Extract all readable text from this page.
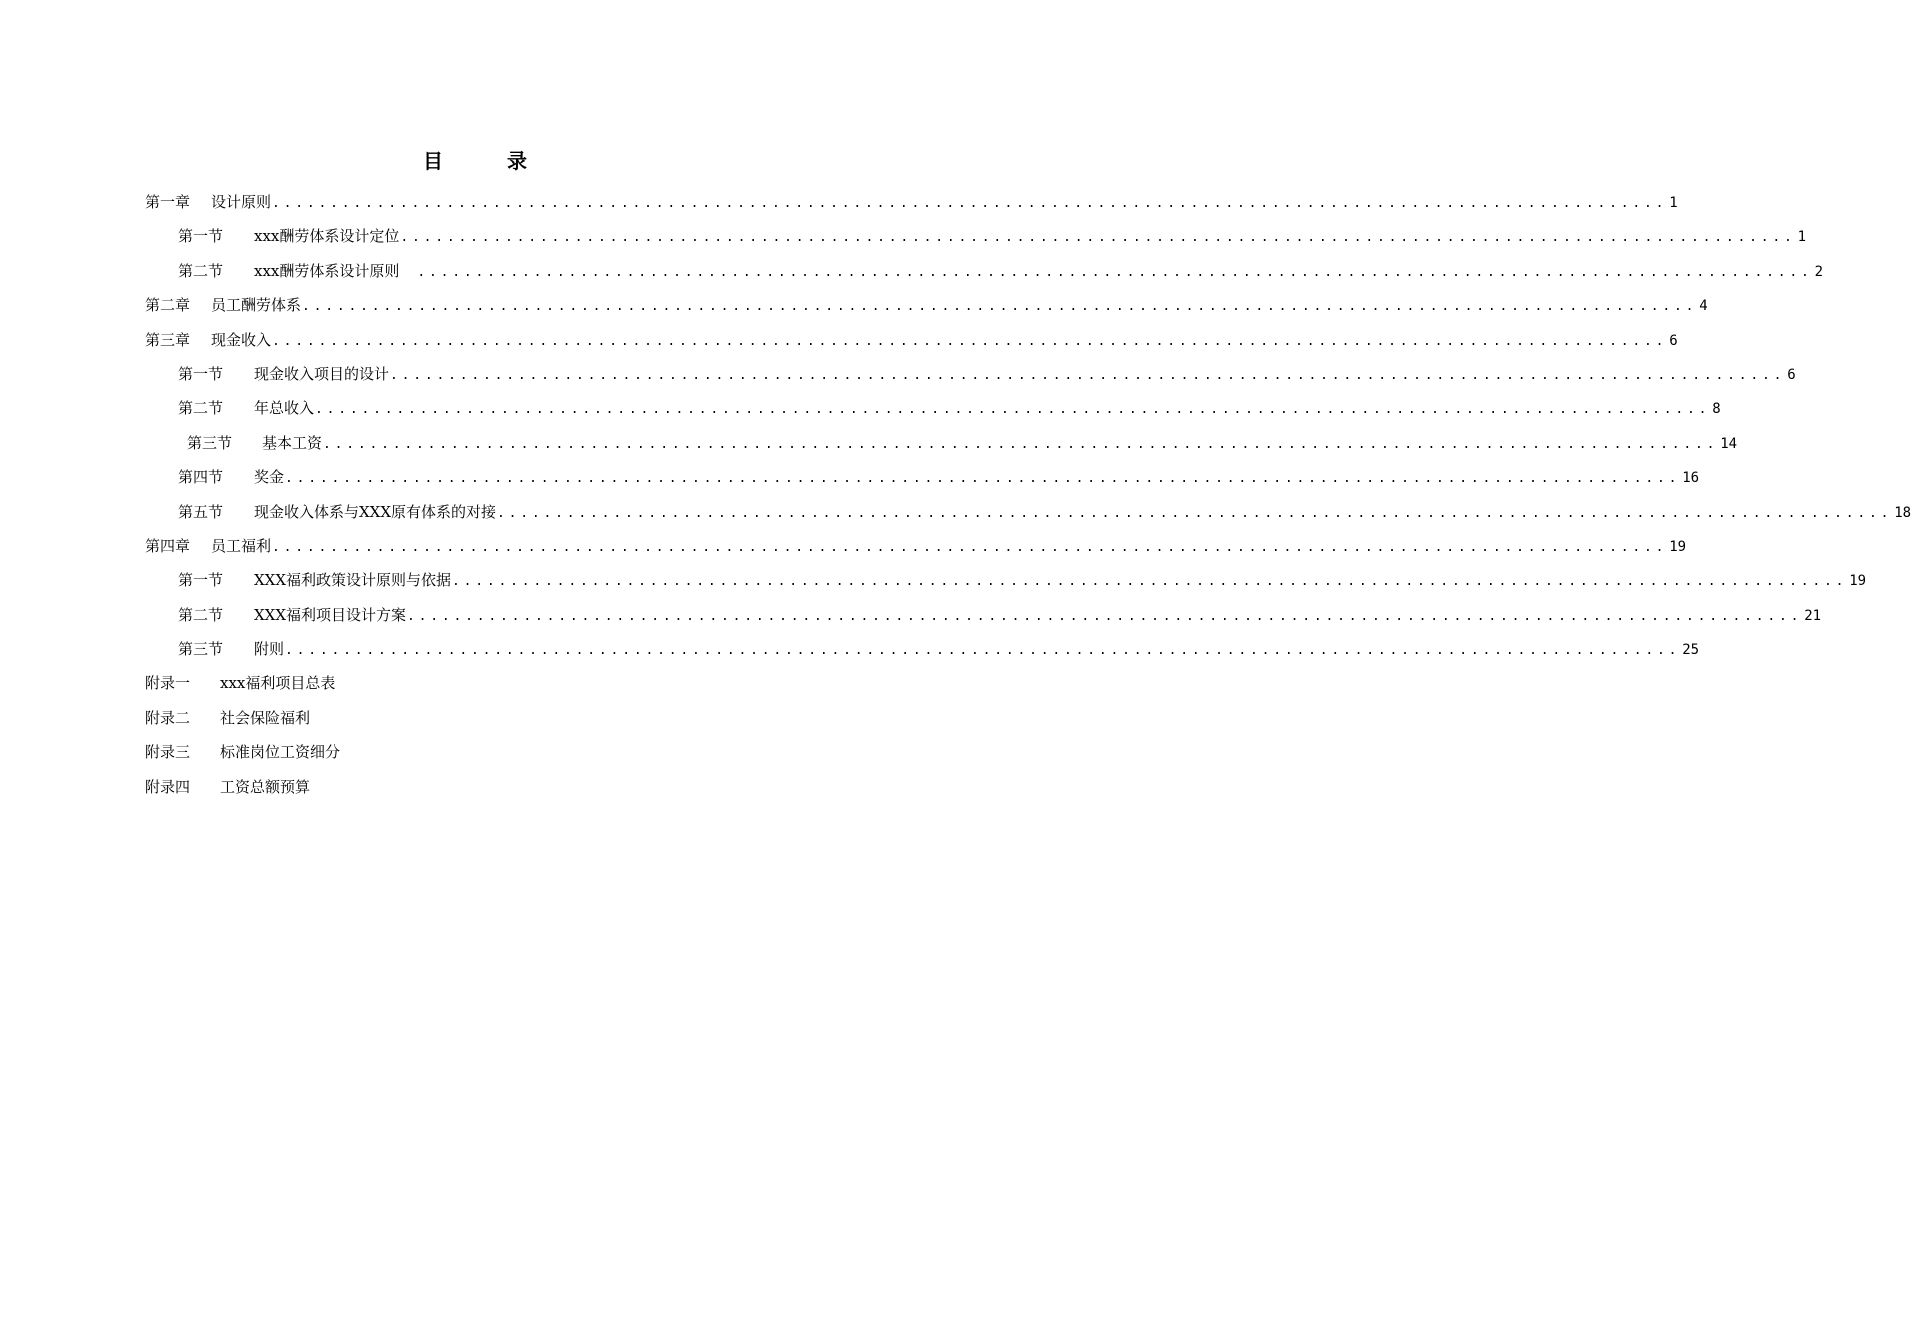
目　录
第一章	设计原则 ........................................................................................................................ 1
第一节	xxx酬劳体系设计定位 ........................................................................................................................ 1
第二节	xxx酬劳体系设计原则 ........................................................................................................................ 2
第二章	员工酬劳体系 ........................................................................................................................ 4
第三章	现金收入 ........................................................................................................................ 6
第一节	现金收入项目的设计 ........................................................................................................................ 6
第二节	年总收入 ........................................................................................................................ 8
第三节	基本工资 ........................................................................................................................ 14
第四节	奖金 ........................................................................................................................ 16
第五节	现金收入体系与XXX原有体系的对接 ........................................................................................................................ 18
第四章	员工福利 ........................................................................................................................ 19
第一节	XXX福利政策设计原则与依据 ........................................................................................................................ 19
第二节	XXX福利项目设计方案 ........................................................................................................................ 21
第三节	附则 ........................................................................................................................ 25
附录一	xxx福利项目总表
附录二	社会保险福利
附录三	标准岗位工资细分
附录四	工资总额预算
